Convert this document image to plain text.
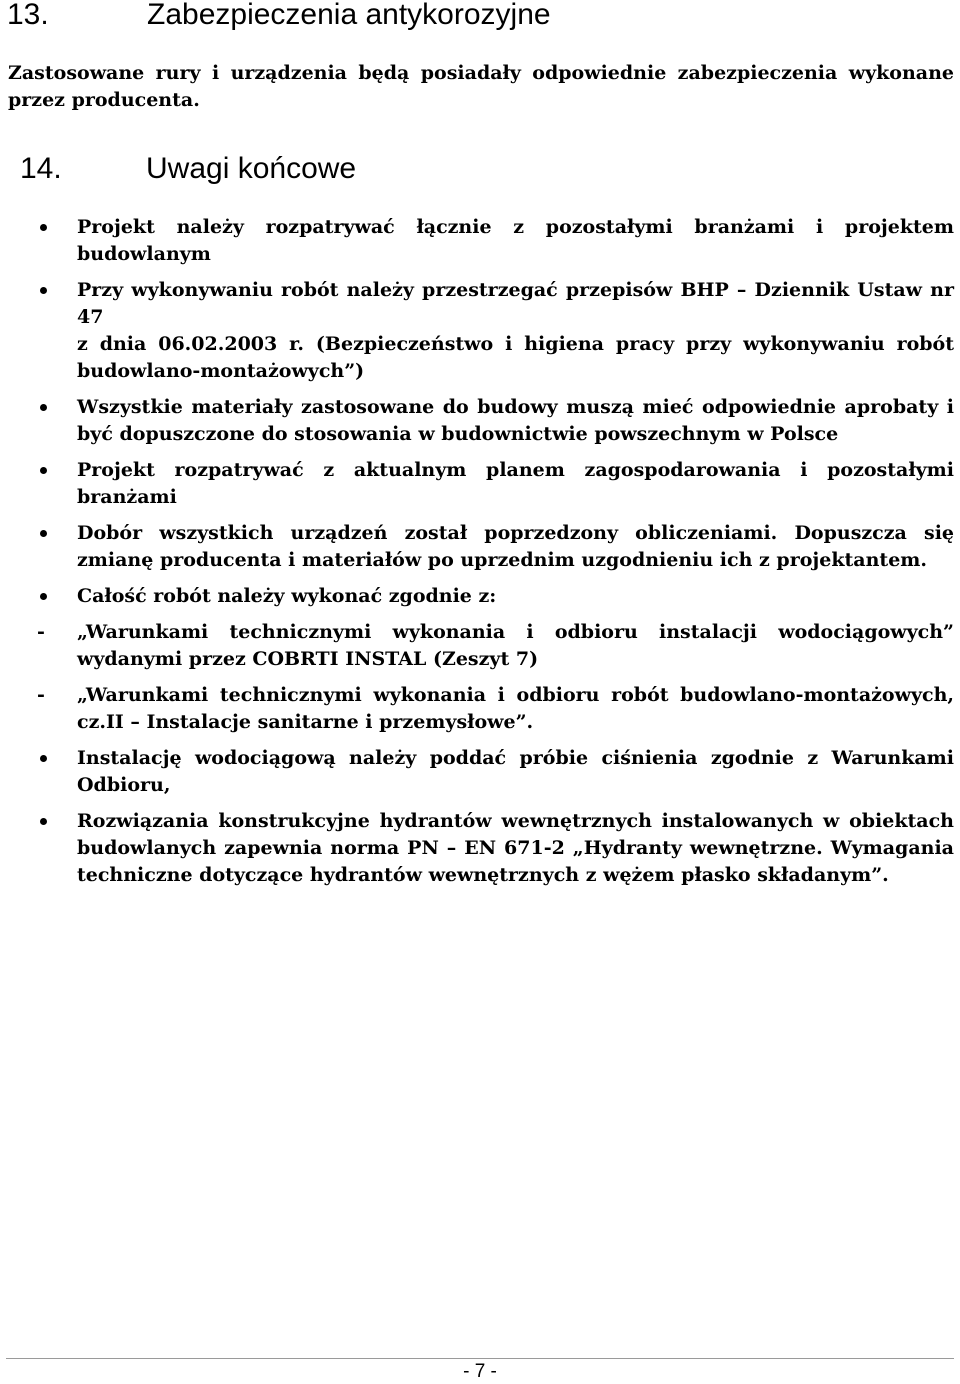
13.	Zabezpieczenia antykorozyjne

Zastosowane rury i urządzenia będą posiadały odpowiednie zabezpieczenia wykonane przez producenta.

14.	Uwagi końcowe

Projekt należy rozpatrywać łącznie z pozostałymi branżami i projektem budowlanym

Przy wykonywaniu robót należy przestrzegać przepisów BHP – Dziennik Ustaw nr 47
z dnia 06.02.2003 r. (Bezpieczeństwo i higiena pracy przy wykonywaniu robót budowlano-montażowych”)

Wszystkie materiały zastosowane do budowy muszą mieć odpowiednie aprobaty i być dopuszczone do stosowania w budownictwie powszechnym w Polsce

Projekt rozpatrywać z aktualnym planem zagospodarowania i pozostałymi branżami

Dobór wszystkich urządzeń został poprzedzony obliczeniami. Dopuszcza się zmianę producenta i materiałów po uprzednim uzgodnieniu ich z projektantem.

Całość robót należy wykonać zgodnie z:

- „Warunkami technicznymi wykonania i odbioru instalacji wodociągowych” wydanymi przez COBRTI INSTAL (Zeszyt 7)

- „Warunkami technicznymi wykonania i odbioru robót budowlano-montażowych, cz.II – Instalacje sanitarne i przemysłowe”.

Instalację wodociągową należy poddać próbie ciśnienia zgodnie z Warunkami Odbioru,

Rozwiązania konstrukcyjne hydrantów wewnętrznych instalowanych w obiektach budowlanych zapewnia norma PN – EN 671-2 „Hydranty wewnętrzne. Wymagania techniczne dotyczące hydrantów wewnętrznych z wężem płasko składanym”.

- 7 -
